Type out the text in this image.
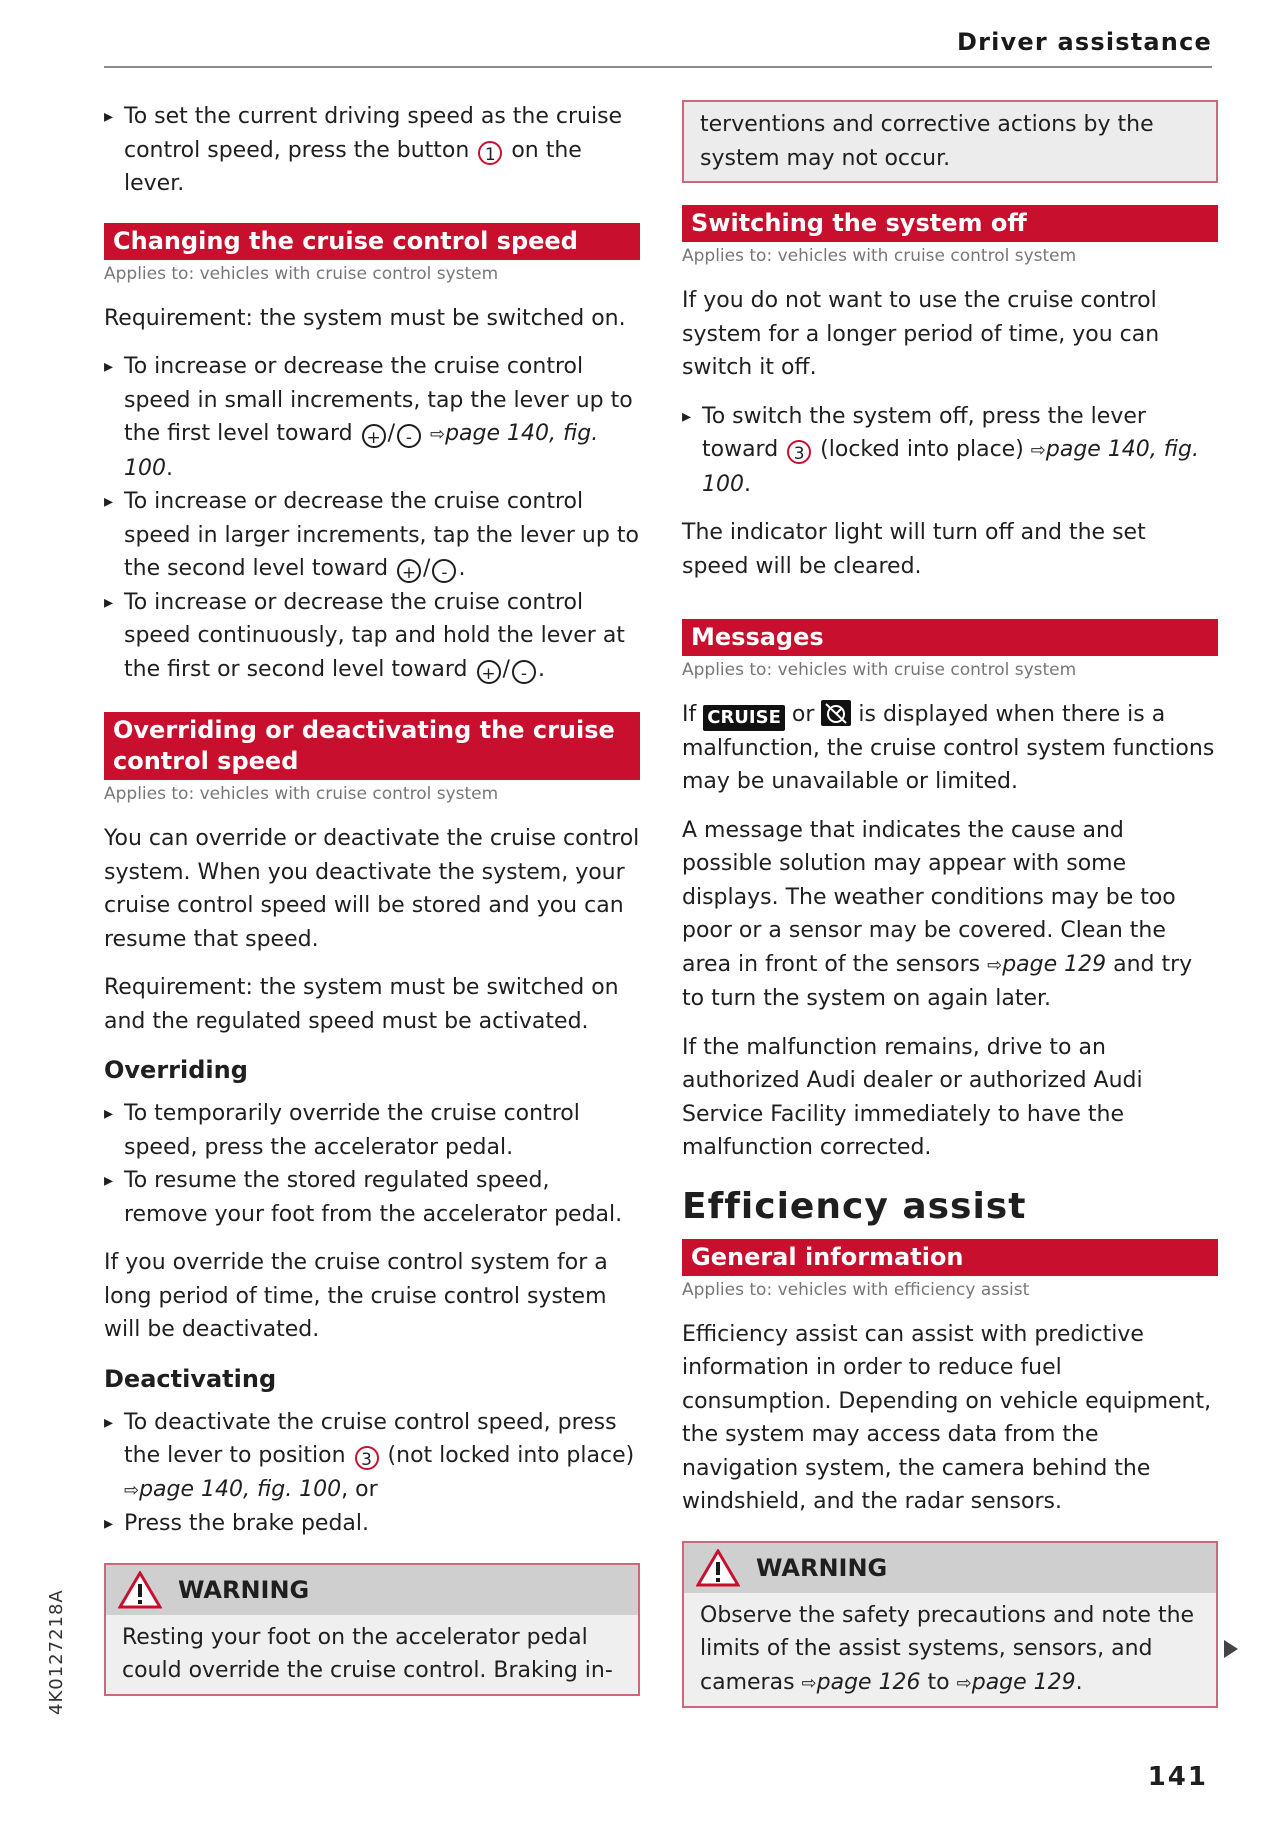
Driver assistance
▸ To set the current driving speed as the cruise control speed, press the button 1 on the lever.
Changing the cruise control speed
Applies to: vehicles with cruise control system

Requirement: the system must be switched on.

▸ To increase or decrease the cruise control speed in small increments, tap the lever up to the first level toward + / - ⇨page 140, fig. 100.
▸ To increase or decrease the cruise control speed in larger increments, tap the lever up to the second level toward + / - .
▸ To increase or decrease the cruise control speed continuously, tap and hold the lever at the first or second level toward + / - .
Overriding or deactivating the cruise control speed
Applies to: vehicles with cruise control system

You can override or deactivate the cruise control system. When you deactivate the system, your cruise control speed will be stored and you can resume that speed.

Requirement: the system must be switched on and the regulated speed must be activated.

Overriding
▸ To temporarily override the cruise control speed, press the accelerator pedal.
▸ To resume the stored regulated speed, remove your foot from the accelerator pedal.

If you override the cruise control system for a long period of time, the cruise control system will be deactivated.

Deactivating
▸ To deactivate the cruise control speed, press the lever to position 3 (not locked into place) ⇨page 140, fig. 100, or
▸ Press the brake pedal.
WARNING
Resting your foot on the accelerator pedal could override the cruise control. Braking in-
terventions and corrective actions by the system may not occur.
Switching the system off
Applies to: vehicles with cruise control system

If you do not want to use the cruise control system for a longer period of time, you can switch it off.

▸ To switch the system off, press the lever toward 3 (locked into place) ⇨page 140, fig. 100.

The indicator light will turn off and the set speed will be cleared.

Messages
Applies to: vehicles with cruise control system

If CRUISE or  is displayed when there is a malfunction, the cruise control system functions may be unavailable or limited.

A message that indicates the cause and possible solution may appear with some displays. The weather conditions may be too poor or a sensor may be covered. Clean the area in front of the sensors ⇨page 129 and try to turn the system on again later.

If the malfunction remains, drive to an authorized Audi dealer or authorized Audi Service Facility immediately to have the malfunction corrected.

Efficiency assist
General information
Applies to: vehicles with efficiency assist

Efficiency assist can assist with predictive information in order to reduce fuel consumption. Depending on vehicle equipment, the system may access data from the navigation system, the camera behind the windshield, and the radar sensors.

WARNING
Observe the safety precautions and note the limits of the assist systems, sensors, and cameras ⇨page 126 to ⇨page 129.
4K0127218A
141
